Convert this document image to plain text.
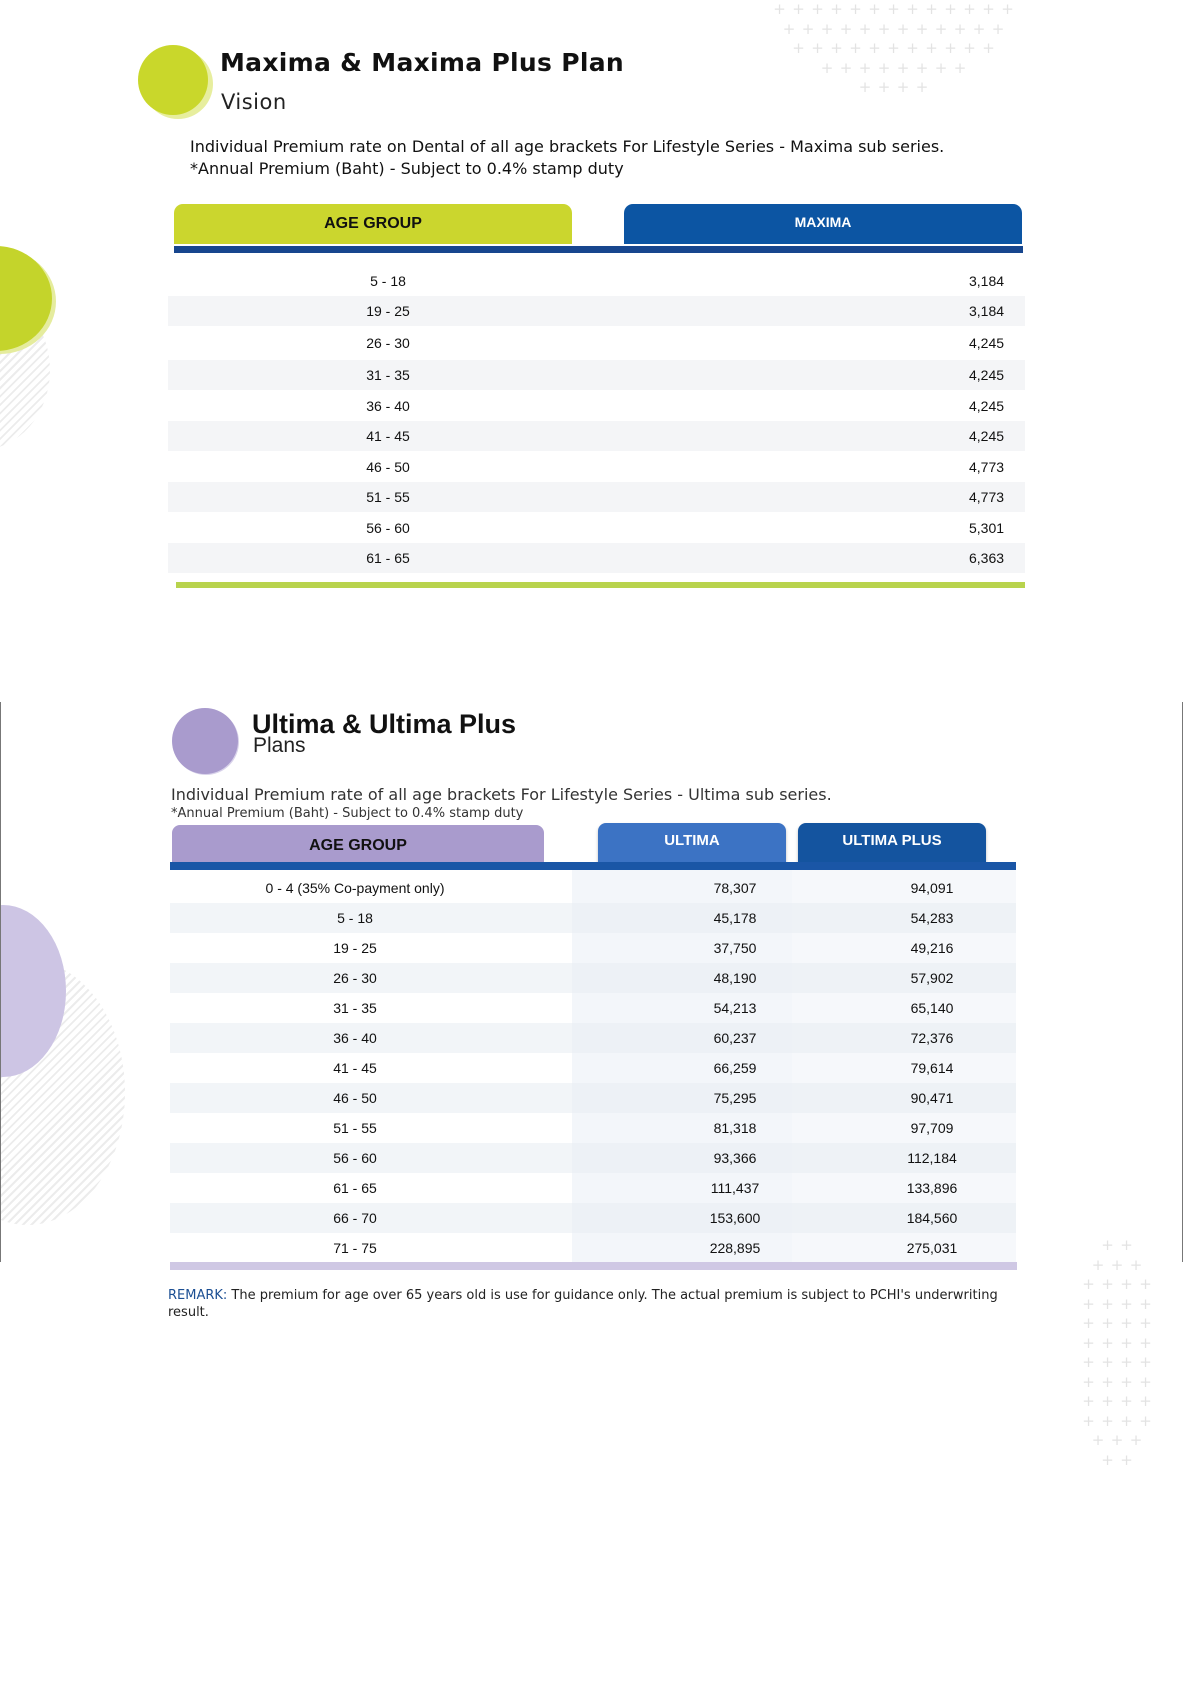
+ + + + + + + + + + + + +
+ + + + + + + + + + + +
+ + + + + + + + + + +
+ + + + + + + +
+ + + +
+ +
+ + +
+ + + +
+ + + +
+ + + +
+ + + +
+ + + +
+ + + +
+ + + +
+ + + +
+ + +
+ +
Maxima & Maxima Plus Plan
Vision
Individual Premium rate on Dental of all age brackets For Lifestyle Series - Maxima sub series.
*Annual Premium (Baht) - Subject to 0.4% stamp duty
AGE GROUP	MAXIMA
5 - 18	3,184
19 - 25	3,184
26 - 30	4,245
31 - 35	4,245
36 - 40	4,245
41 - 45	4,245
46 - 50	4,773
51 - 55	4,773
56 - 60	5,301
61 - 65	6,363
Ultima & Ultima Plus
Plans
Individual Premium rate of all age brackets For Lifestyle Series - Ultima sub series.
*Annual Premium (Baht) - Subject to 0.4% stamp duty
AGE GROUP	ULTIMA	ULTIMA PLUS
0 - 4 (35% Co-payment only)	78,307	94,091
5 - 18	45,178	54,283
19 - 25	37,750	49,216
26 - 30	48,190	57,902
31 - 35	54,213	65,140
36 - 40	60,237	72,376
41 - 45	66,259	79,614
46 - 50	75,295	90,471
51 - 55	81,318	97,709
56 - 60	93,366	112,184
61 - 65	111,437	133,896
66 - 70	153,600	184,560
71 - 75	228,895	275,031
REMARK: The premium for age over 65 years old is use for guidance only. The actual premium is subject to PCHI's underwriting result.
